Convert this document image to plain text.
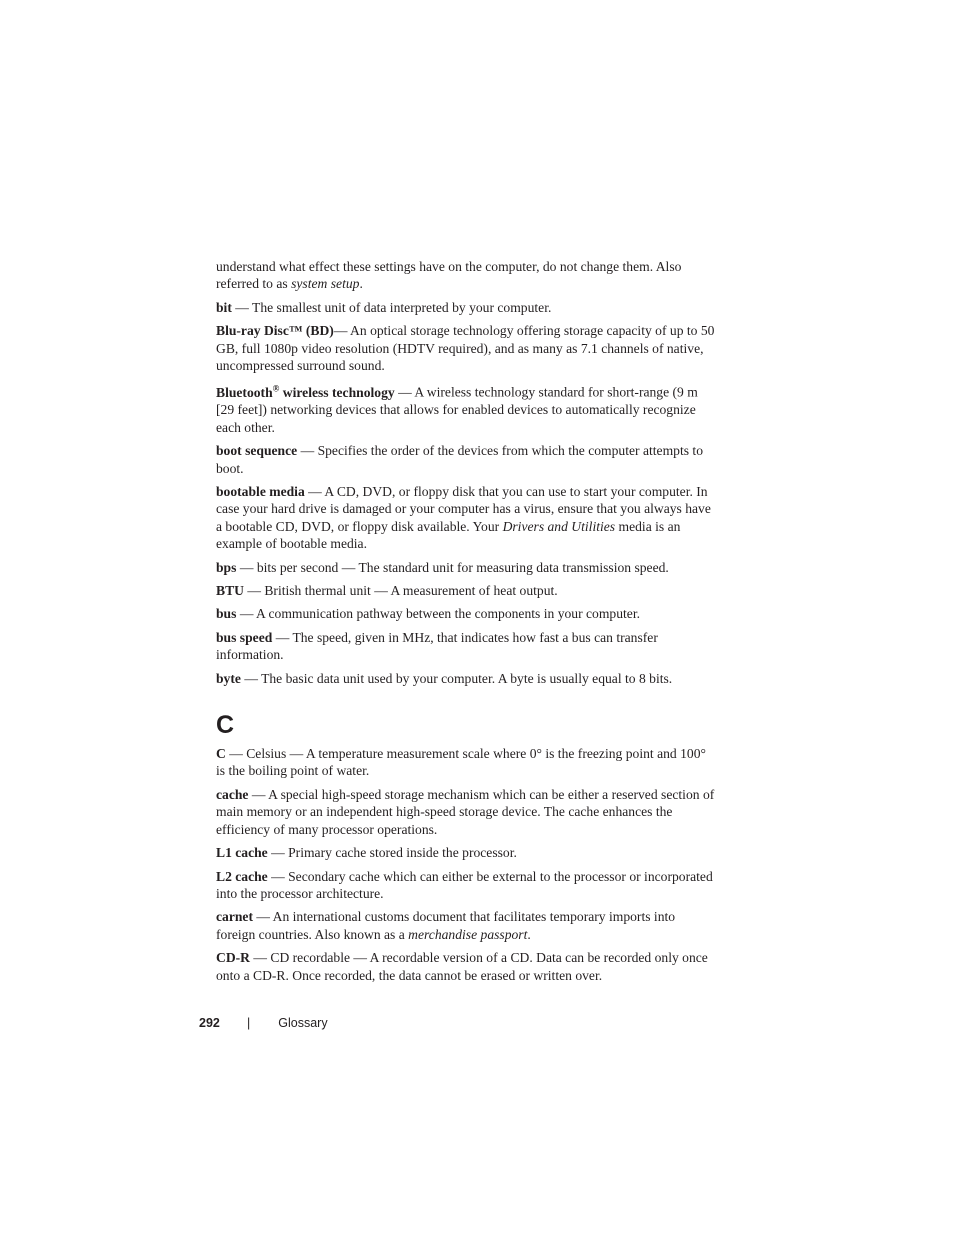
understand what effect these settings have on the computer, do not change them. Also referred to as system setup.

bit — The smallest unit of data interpreted by your computer.

Blu-ray Disc™ (BD)— An optical storage technology offering storage capacity of up to 50 GB, full 1080p video resolution (HDTV required), and as many as 7.1 channels of native, uncompressed surround sound.

Bluetooth® wireless technology — A wireless technology standard for short-range (9 m [29 feet]) networking devices that allows for enabled devices to automatically recognize each other.

boot sequence — Specifies the order of the devices from which the computer attempts to boot.

bootable media — A CD, DVD, or floppy disk that you can use to start your computer. In case your hard drive is damaged or your computer has a virus, ensure that you always have a bootable CD, DVD, or floppy disk available. Your Drivers and Utilities media is an example of bootable media.

bps — bits per second — The standard unit for measuring data transmission speed.

BTU — British thermal unit — A measurement of heat output.

bus — A communication pathway between the components in your computer.

bus speed — The speed, given in MHz, that indicates how fast a bus can transfer information.

byte — The basic data unit used by your computer. A byte is usually equal to 8 bits.

C

C — Celsius — A temperature measurement scale where 0° is the freezing point and 100° is the boiling point of water.

cache — A special high-speed storage mechanism which can be either a reserved section of main memory or an independent high-speed storage device. The cache enhances the efficiency of many processor operations.

L1 cache — Primary cache stored inside the processor.

L2 cache — Secondary cache which can either be external to the processor or incorporated into the processor architecture.

carnet — An international customs document that facilitates temporary imports into foreign countries. Also known as a merchandise passport.

CD-R — CD recordable — A recordable version of a CD. Data can be recorded only once onto a CD-R. Once recorded, the data cannot be erased or written over.

292 | Glossary
